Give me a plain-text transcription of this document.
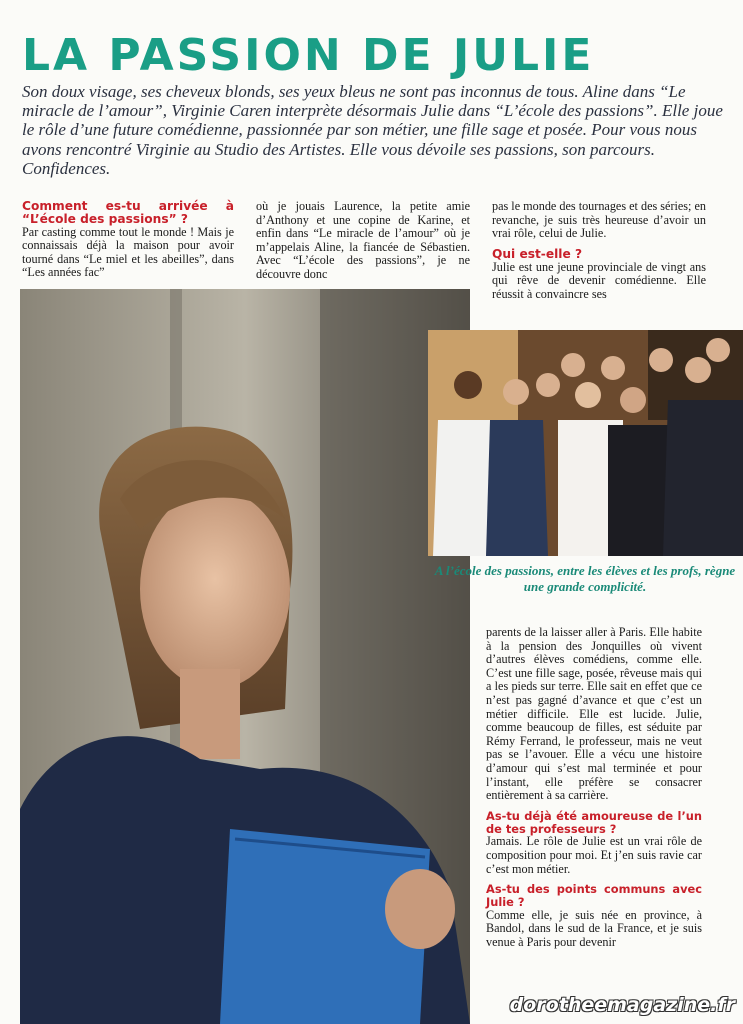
LA PASSION DE JULIE

Son doux visage, ses cheveux blonds, ses yeux bleus ne sont pas inconnus de tous. Aline dans “Le miracle de l’amour”, Virginie Caren interprète désormais Julie dans “L’école des passions”. Elle joue le rôle d’une future comédienne, passionnée par son métier, une fille sage et posée. Pour vous nous avons rencontré Virginie au Studio des Artistes. Elle vous dévoile ses passions, son parcours. Confidences.

Comment es-tu arrivée à “L’école des passions” ?

Par casting comme tout le monde ! Mais je connaissais déjà la maison pour avoir tourné dans “Le miel et les abeilles”, dans “Les années fac”

où je jouais Laurence, la petite amie d’Anthony et une copine de Karine, et enfin dans “Le miracle de l’amour” où je m’appelais Aline, la fiancée de Sébastien. Avec “L’école des passions”, je ne découvre donc

pas le monde des tournages et des séries; en revanche, je suis très heureuse d’avoir un vrai rôle, celui de Julie.

Qui est-elle ?

Julie est une jeune provinciale de vingt ans qui rêve de devenir comédienne. Elle réussit à convaincre ses

A l’école des passions, entre les élèves et les profs, règne une grande complicité.

parents de la laisser aller à Paris. Elle habite à la pension des Jonquilles où vivent d’autres élèves comédiens, comme elle. C’est une fille sage, posée, rêveuse mais qui a les pieds sur terre. Elle sait en effet que ce n’est pas gagné d’avance et que c’est un métier difficile. Elle est lucide. Julie, comme beaucoup de filles, est séduite par Rémy Ferrand, le professeur, mais ne veut pas se l’avouer. Elle a vécu une histoire d’amour qui s’est mal terminée et pour l’instant, elle préfère se consacrer entièrement à sa carrière.

As-tu déjà été amoureuse de l’un de tes professeurs ?

Jamais. Le rôle de Julie est un vrai rôle de composition pour moi. Et j’en suis ravie car c’est mon métier.

As-tu des points communs avec Julie ?

Comme elle, je suis née en province, à Bandol, dans le sud de la France, et je suis venue à Paris pour devenir

dorotheemagazine.fr
